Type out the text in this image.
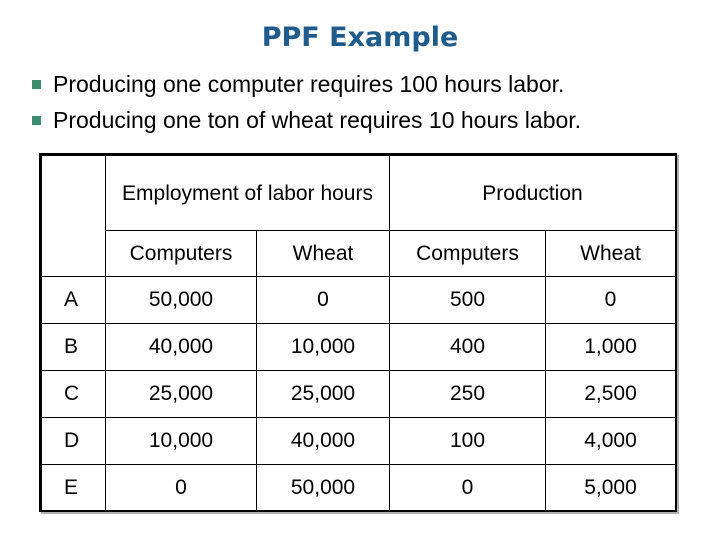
PPF Example
Producing one computer requires 100 hours labor.
Producing one ton of wheat requires 10 hours labor.
	Employment of labor hours		Production	
	Computers	Wheat	Computers	Wheat
A	50,000	0	500	0
B	40,000	10,000	400	1,000
C	25,000	25,000	250	2,500
D	10,000	40,000	100	4,000
E	0	50,000	0	5,000
